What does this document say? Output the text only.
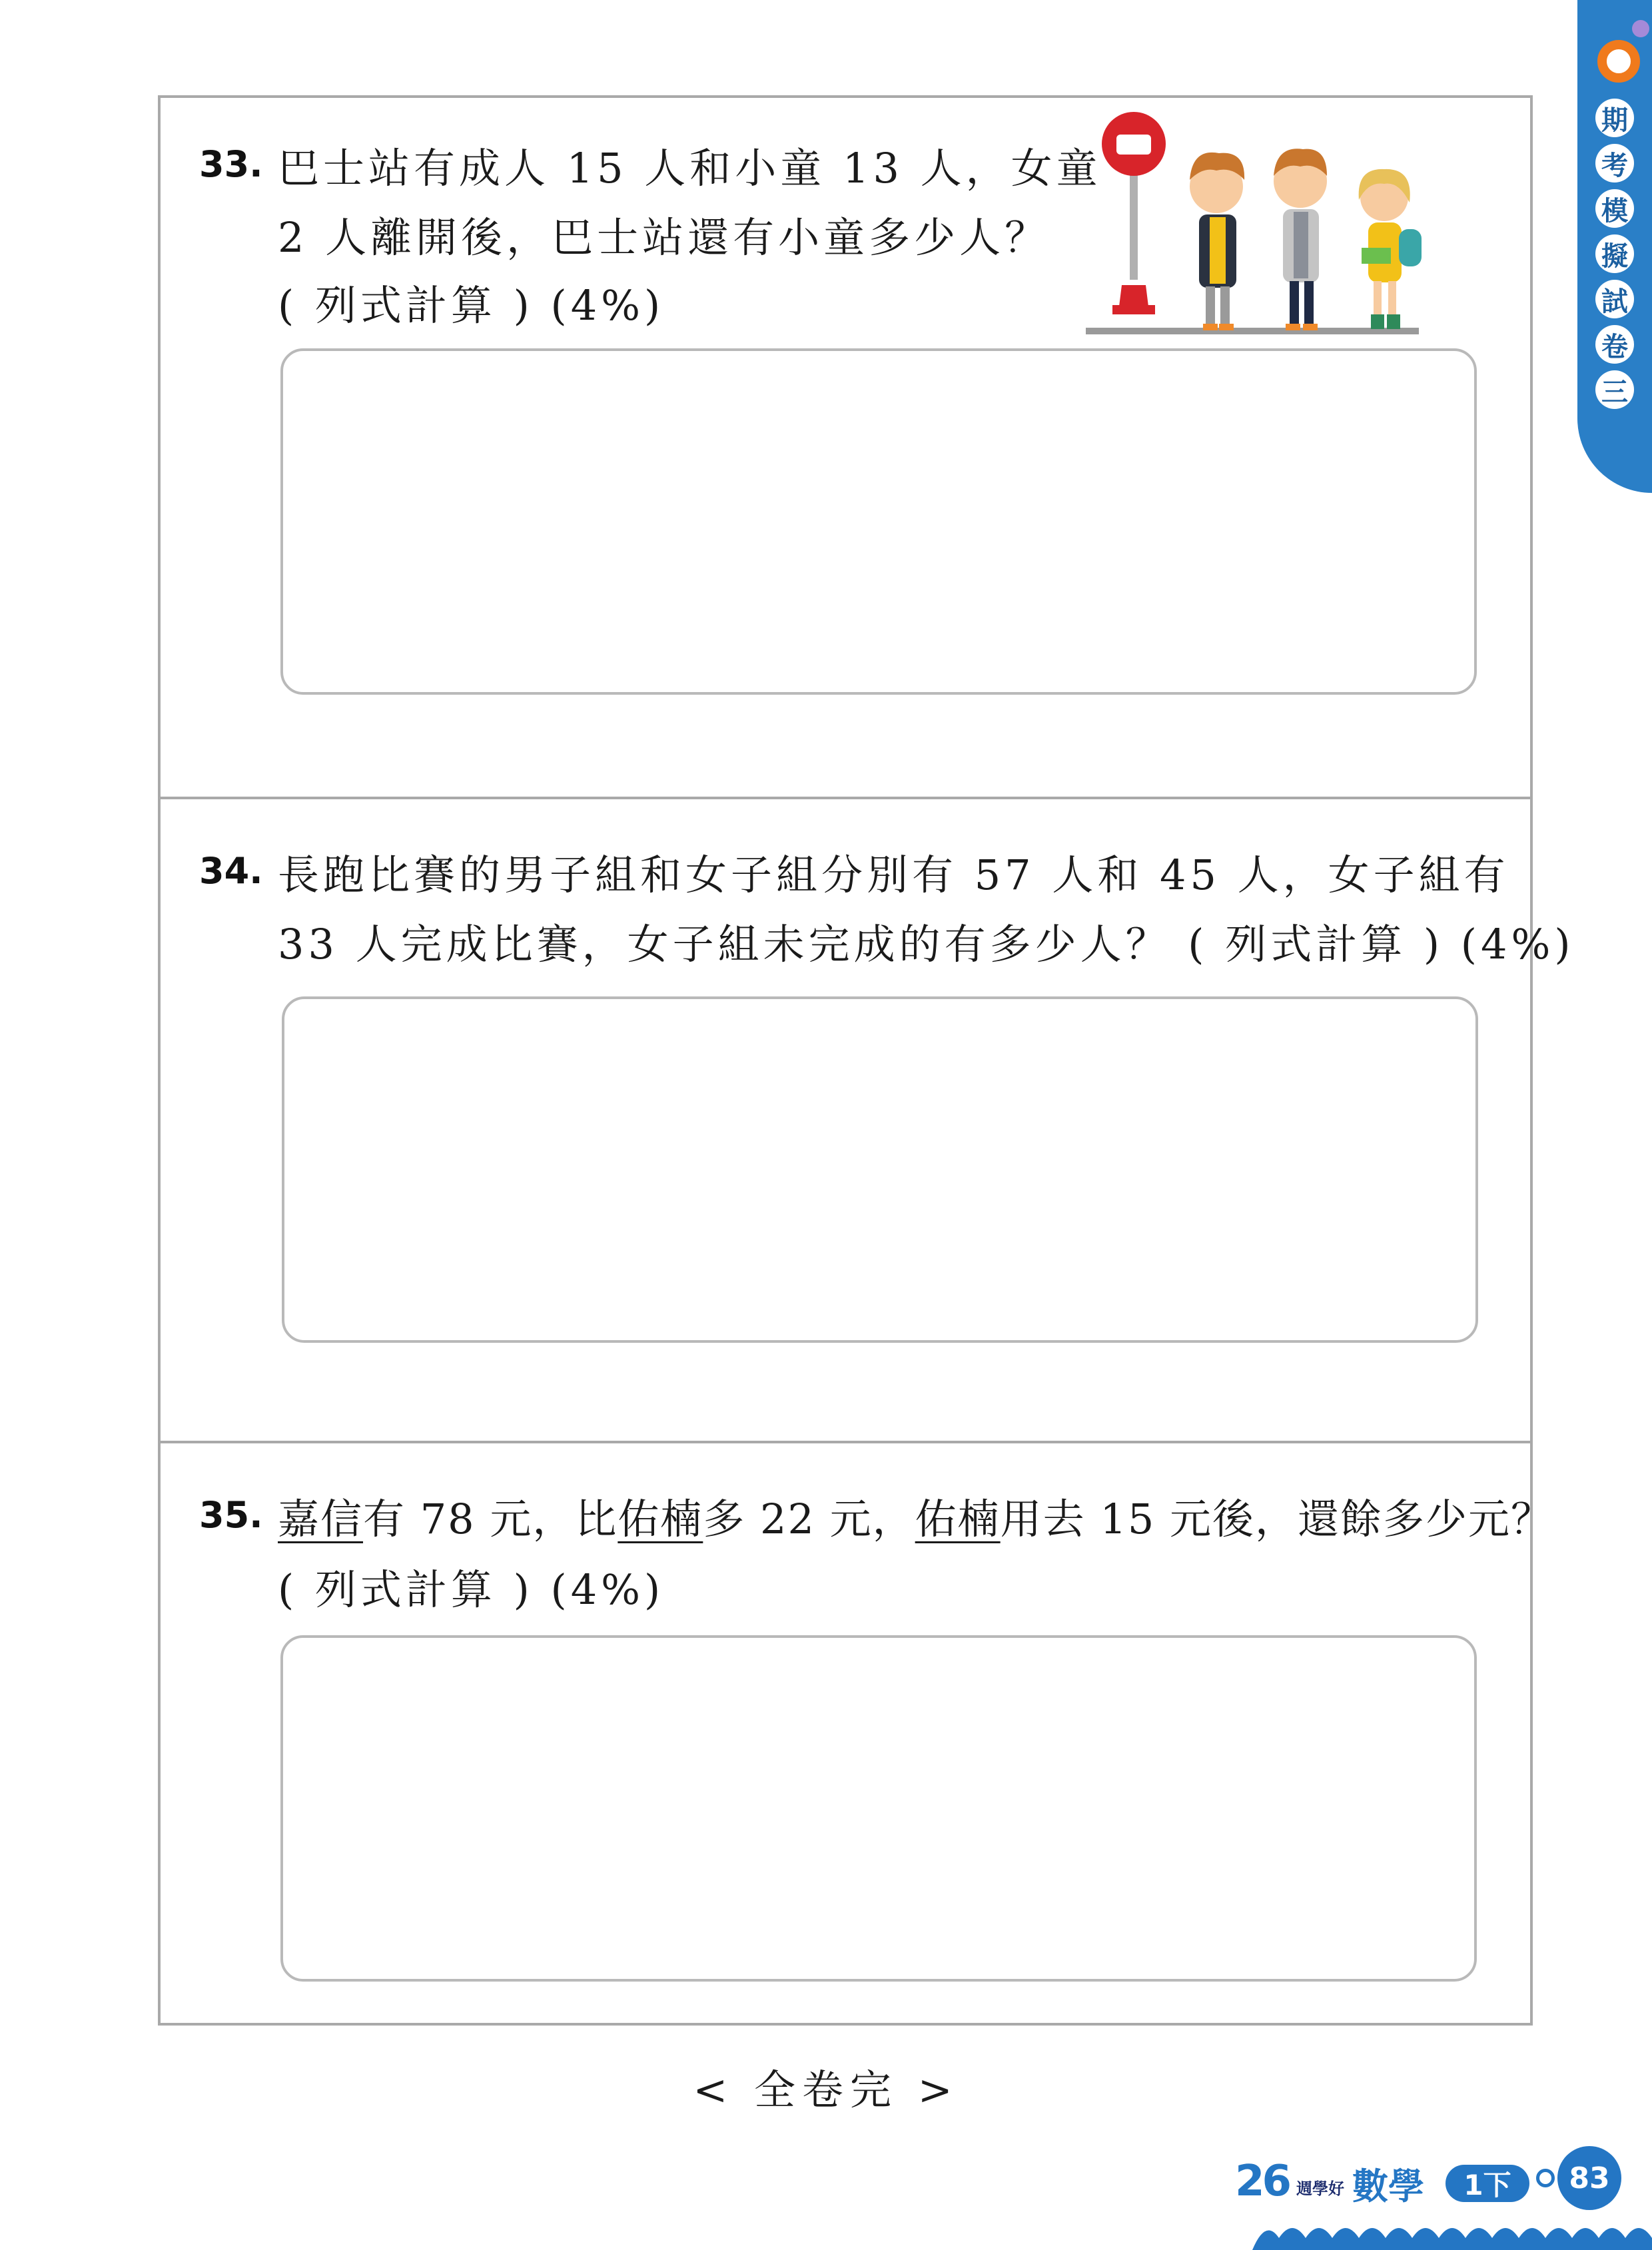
期
考
模
擬
試
卷
三
33. 巴士站有成人 15 人和小童 13 人，女童
2 人離開後，巴士站還有小童多少人？
( 列式計算 ) (4%)
34. 長跑比賽的男子組和女子組分別有 57 人和 45 人，女子組有
33 人完成比賽，女子組未完成的有多少人？ ( 列式計算 ) (4%)
35. 嘉信有 78 元，比佑楠多 22 元，佑楠用去 15 元後，還餘多少元？
( 列式計算 ) (4%)
< 全卷完 >
26 週學好 數學	1下	83
